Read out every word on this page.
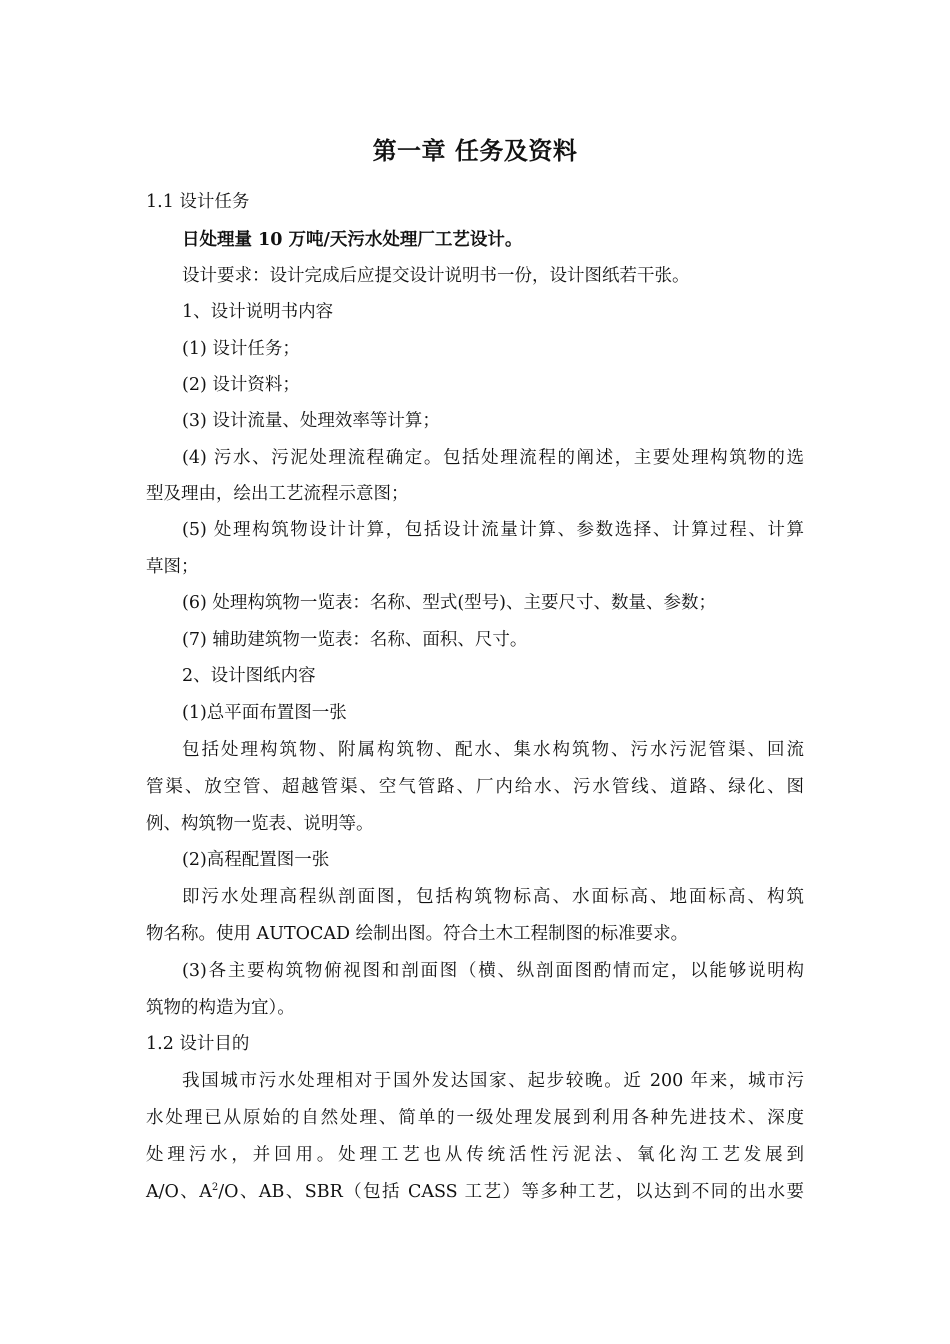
第一章 任务及资料
1.1 设计任务
日处理量 10 万吨/天污水处理厂工艺设计。
设计要求：设计完成后应提交设计说明书一份，设计图纸若干张。
1、设计说明书内容
(1) 设计任务；
(2) 设计资料；
(3) 设计流量、处理效率等计算；
(4) 污水、污泥处理流程确定。包括处理流程的阐述，主要处理构筑物的选
型及理由，绘出工艺流程示意图；
(5) 处理构筑物设计计算，包括设计流量计算、参数选择、计算过程、计算
草图；
(6) 处理构筑物一览表：名称、型式(型号)、主要尺寸、数量、参数；
(7) 辅助建筑物一览表：名称、面积、尺寸。
2、设计图纸内容
(1)总平面布置图一张
包括处理构筑物、附属构筑物、配水、集水构筑物、污水污泥管渠、回流
管渠、放空管、超越管渠、空气管路、厂内给水、污水管线、道路、绿化、图
例、构筑物一览表、说明等。
(2)高程配置图一张
即污水处理高程纵剖面图，包括构筑物标高、水面标高、地面标高、构筑
物名称。使用 AUTOCAD 绘制出图。符合土木工程制图的标准要求。
(3)各主要构筑物俯视图和剖面图（横、纵剖面图酌情而定，以能够说明构
筑物的构造为宜）。
1.2 设计目的
我国城市污水处理相对于国外发达国家、起步较晚。近 200 年来，城市污
水处理已从原始的自然处理、简单的一级处理发展到利用各种先进技术、深度
处理污水，并回用。处理工艺也从传统活性污泥法、氧化沟工艺发展到
A/O、$A^2/O$、AB、SBR（包括 CASS 工艺）等多种工艺，以达到不同的出水要
